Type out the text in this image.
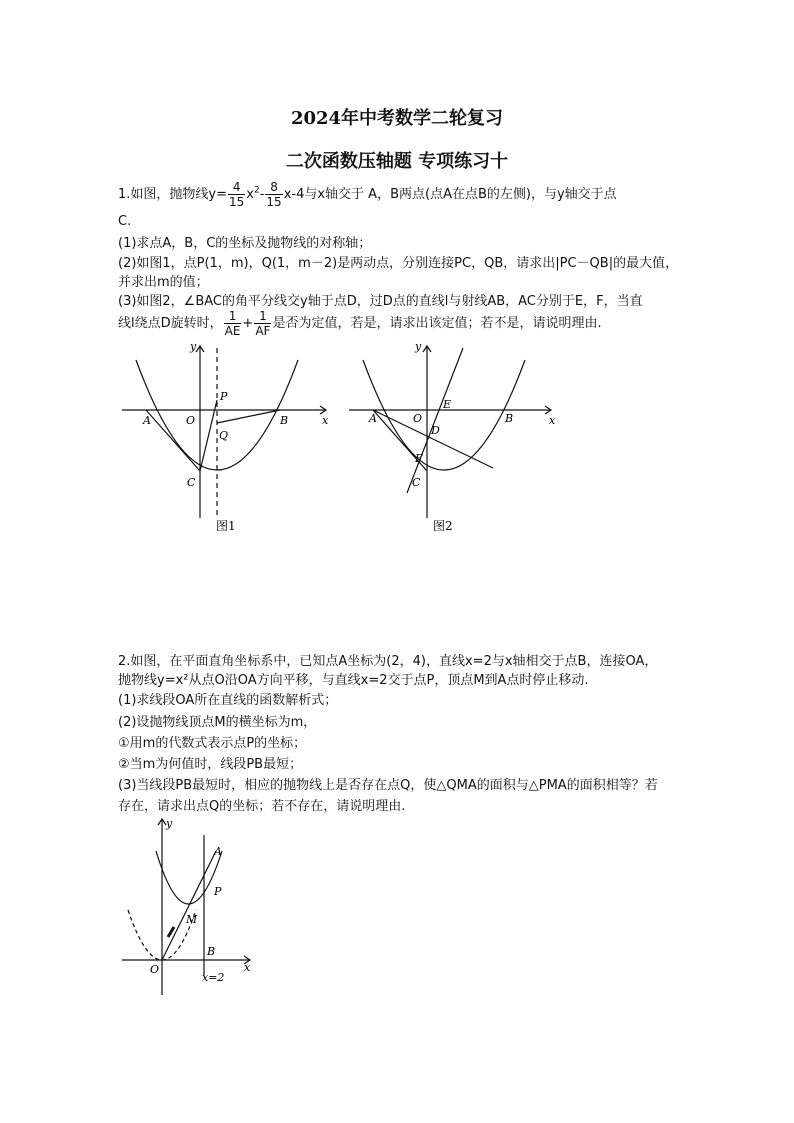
2024年中考数学二轮复习
二次函数压轴题 专项练习十
1.如图，抛物线$y= \frac{4}{15} x^2- \frac{8}{15} x-4$与x轴交于 A，B两点(点A在点B的左侧)，与y轴交于点
C.
(1)求点A，B，C的坐标及抛物线的对称轴；
(2)如图1，点P(1，m)，Q(1，m－2)是两动点，分别连接PC，QB，请求出|PC－QB|的最大值，
并求出m的值；
(3)如图2，∠BAC的角平分线交y轴于点D，过D点的直线l与射线AB，AC分别于E，F，当直
线l绕点D旋转时， $\frac{1}{AE} + \frac{1}{AF}$ 是否为定值，若是，请求出该定值；若不是，请说明理由.
y
x
A	O	B
P
Q
C
图1
y
x
A	O	B
E
D
F
C
图2
2.如图，在平面直角坐标系中，已知点A坐标为(2，4)，直线x=2与x轴相交于点B，连接OA，
抛物线y=x²从点O沿OA方向平移，与直线x=2交于点P，顶点M到A点时停止移动.
(1)求线段OA所在直线的函数解析式；
(2)设抛物线顶点M的横坐标为m，
①用m的代数式表示点P的坐标；
②当m为何值时，线段PB最短；
(3)当线段PB最短时，相应的抛物线上是否存在点Q，使△QMA的面积与△PMA的面积相等？若
存在，请求出点Q的坐标；若不存在，请说明理由.
y
x
A
P
M
B
O
x=2
